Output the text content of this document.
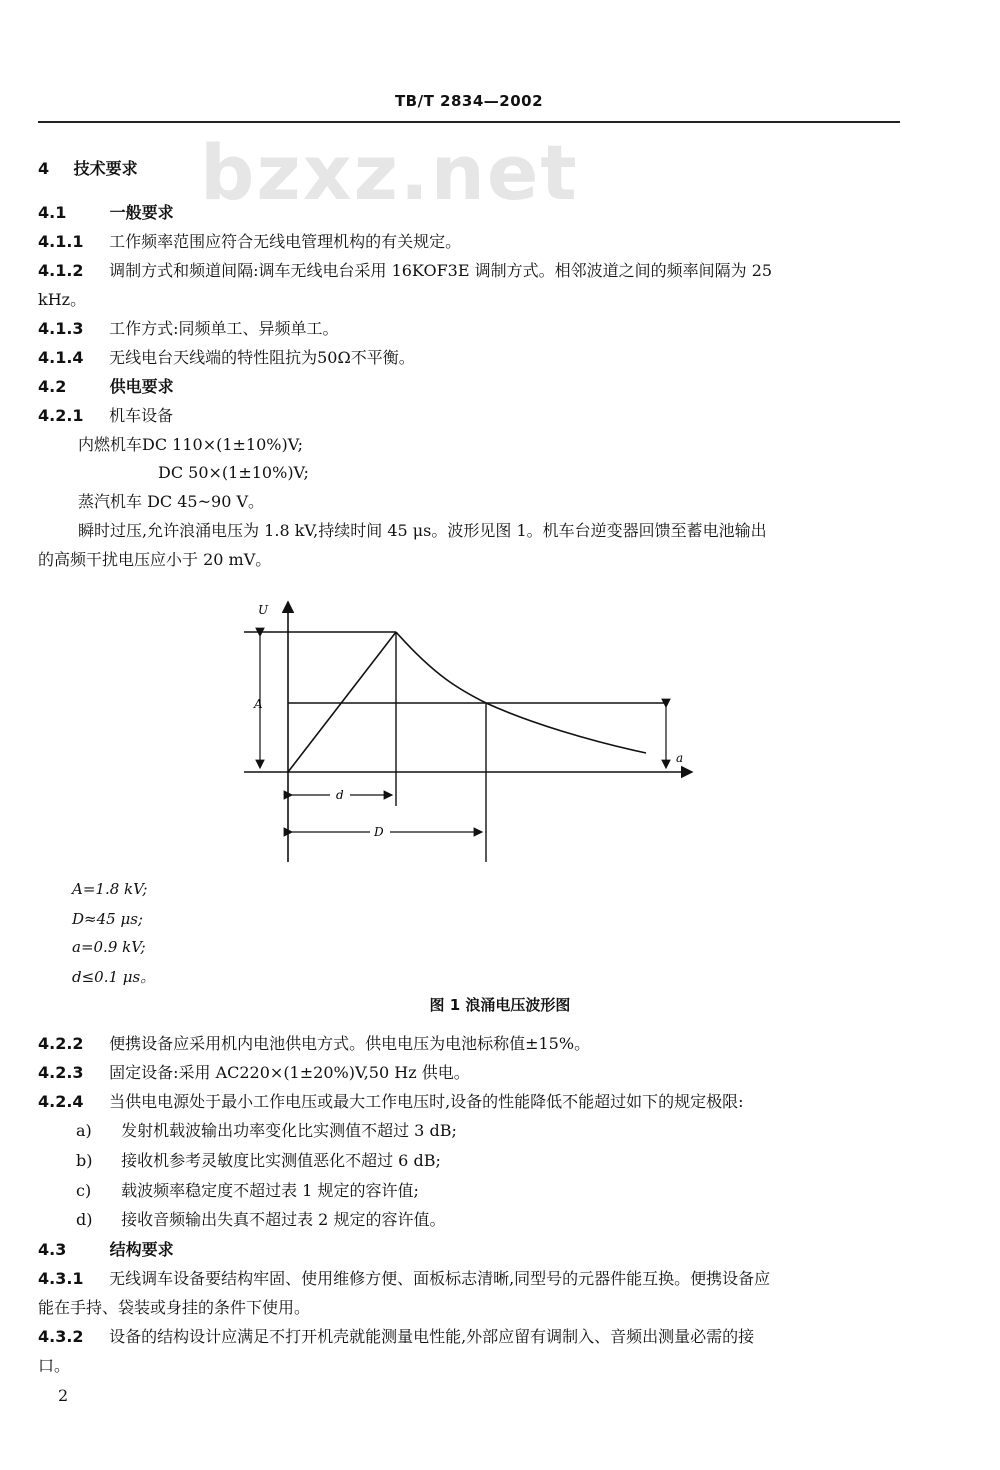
TB/T 2834—2002
bzxz.net
4 技术要求
4.1	一般要求
4.1.1 工作频率范围应符合无线电管理机构的有关规定。
4.1.2 调制方式和频道间隔:调车无线电台采用 16KOF3E 调制方式。相邻波道之间的频率间隔为 25
kHz。
4.1.3 工作方式:同频单工、异频单工。
4.1.4 无线电台天线端的特性阻抗为50Ω不平衡。
4.2	供电要求
4.2.1 机车设备
内燃机车DC 110×(1±10%)V;
DC 50×(1±10%)V;
蒸汽机车 DC 45~90 V。
瞬时过压,允许浪涌电压为 1.8 kV,持续时间 45 μs。波形见图 1。机车台逆变器回馈至蓄电池输出
的高频干扰电压应小于 20 mV。
U
A
a
d
D
A=1.8 kV;
D≈45 μs;
a=0.9 kV;
d≤0.1 μs。
图 1 浪涌电压波形图
4.2.2 便携设备应采用机内电池供电方式。供电电压为电池标称值±15%。
4.2.3 固定设备:采用 AC220×(1±20%)V,50 Hz 供电。
4.2.4 当供电电源处于最小工作电压或最大工作电压时,设备的性能降低不能超过如下的规定极限:
a) 发射机载波输出功率变化比实测值不超过 3 dB;
b) 接收机参考灵敏度比实测值恶化不超过 6 dB;
c) 载波频率稳定度不超过表 1 规定的容许值;
d) 接收音频输出失真不超过表 2 规定的容许值。
4.3	结构要求
4.3.1 无线调车设备要结构牢固、使用维修方便、面板标志清晰,同型号的元器件能互换。便携设备应
能在手持、袋装或身挂的条件下使用。
4.3.2 设备的结构设计应满足不打开机壳就能测量电性能,外部应留有调制入、音频出测量必需的接
口。
2
